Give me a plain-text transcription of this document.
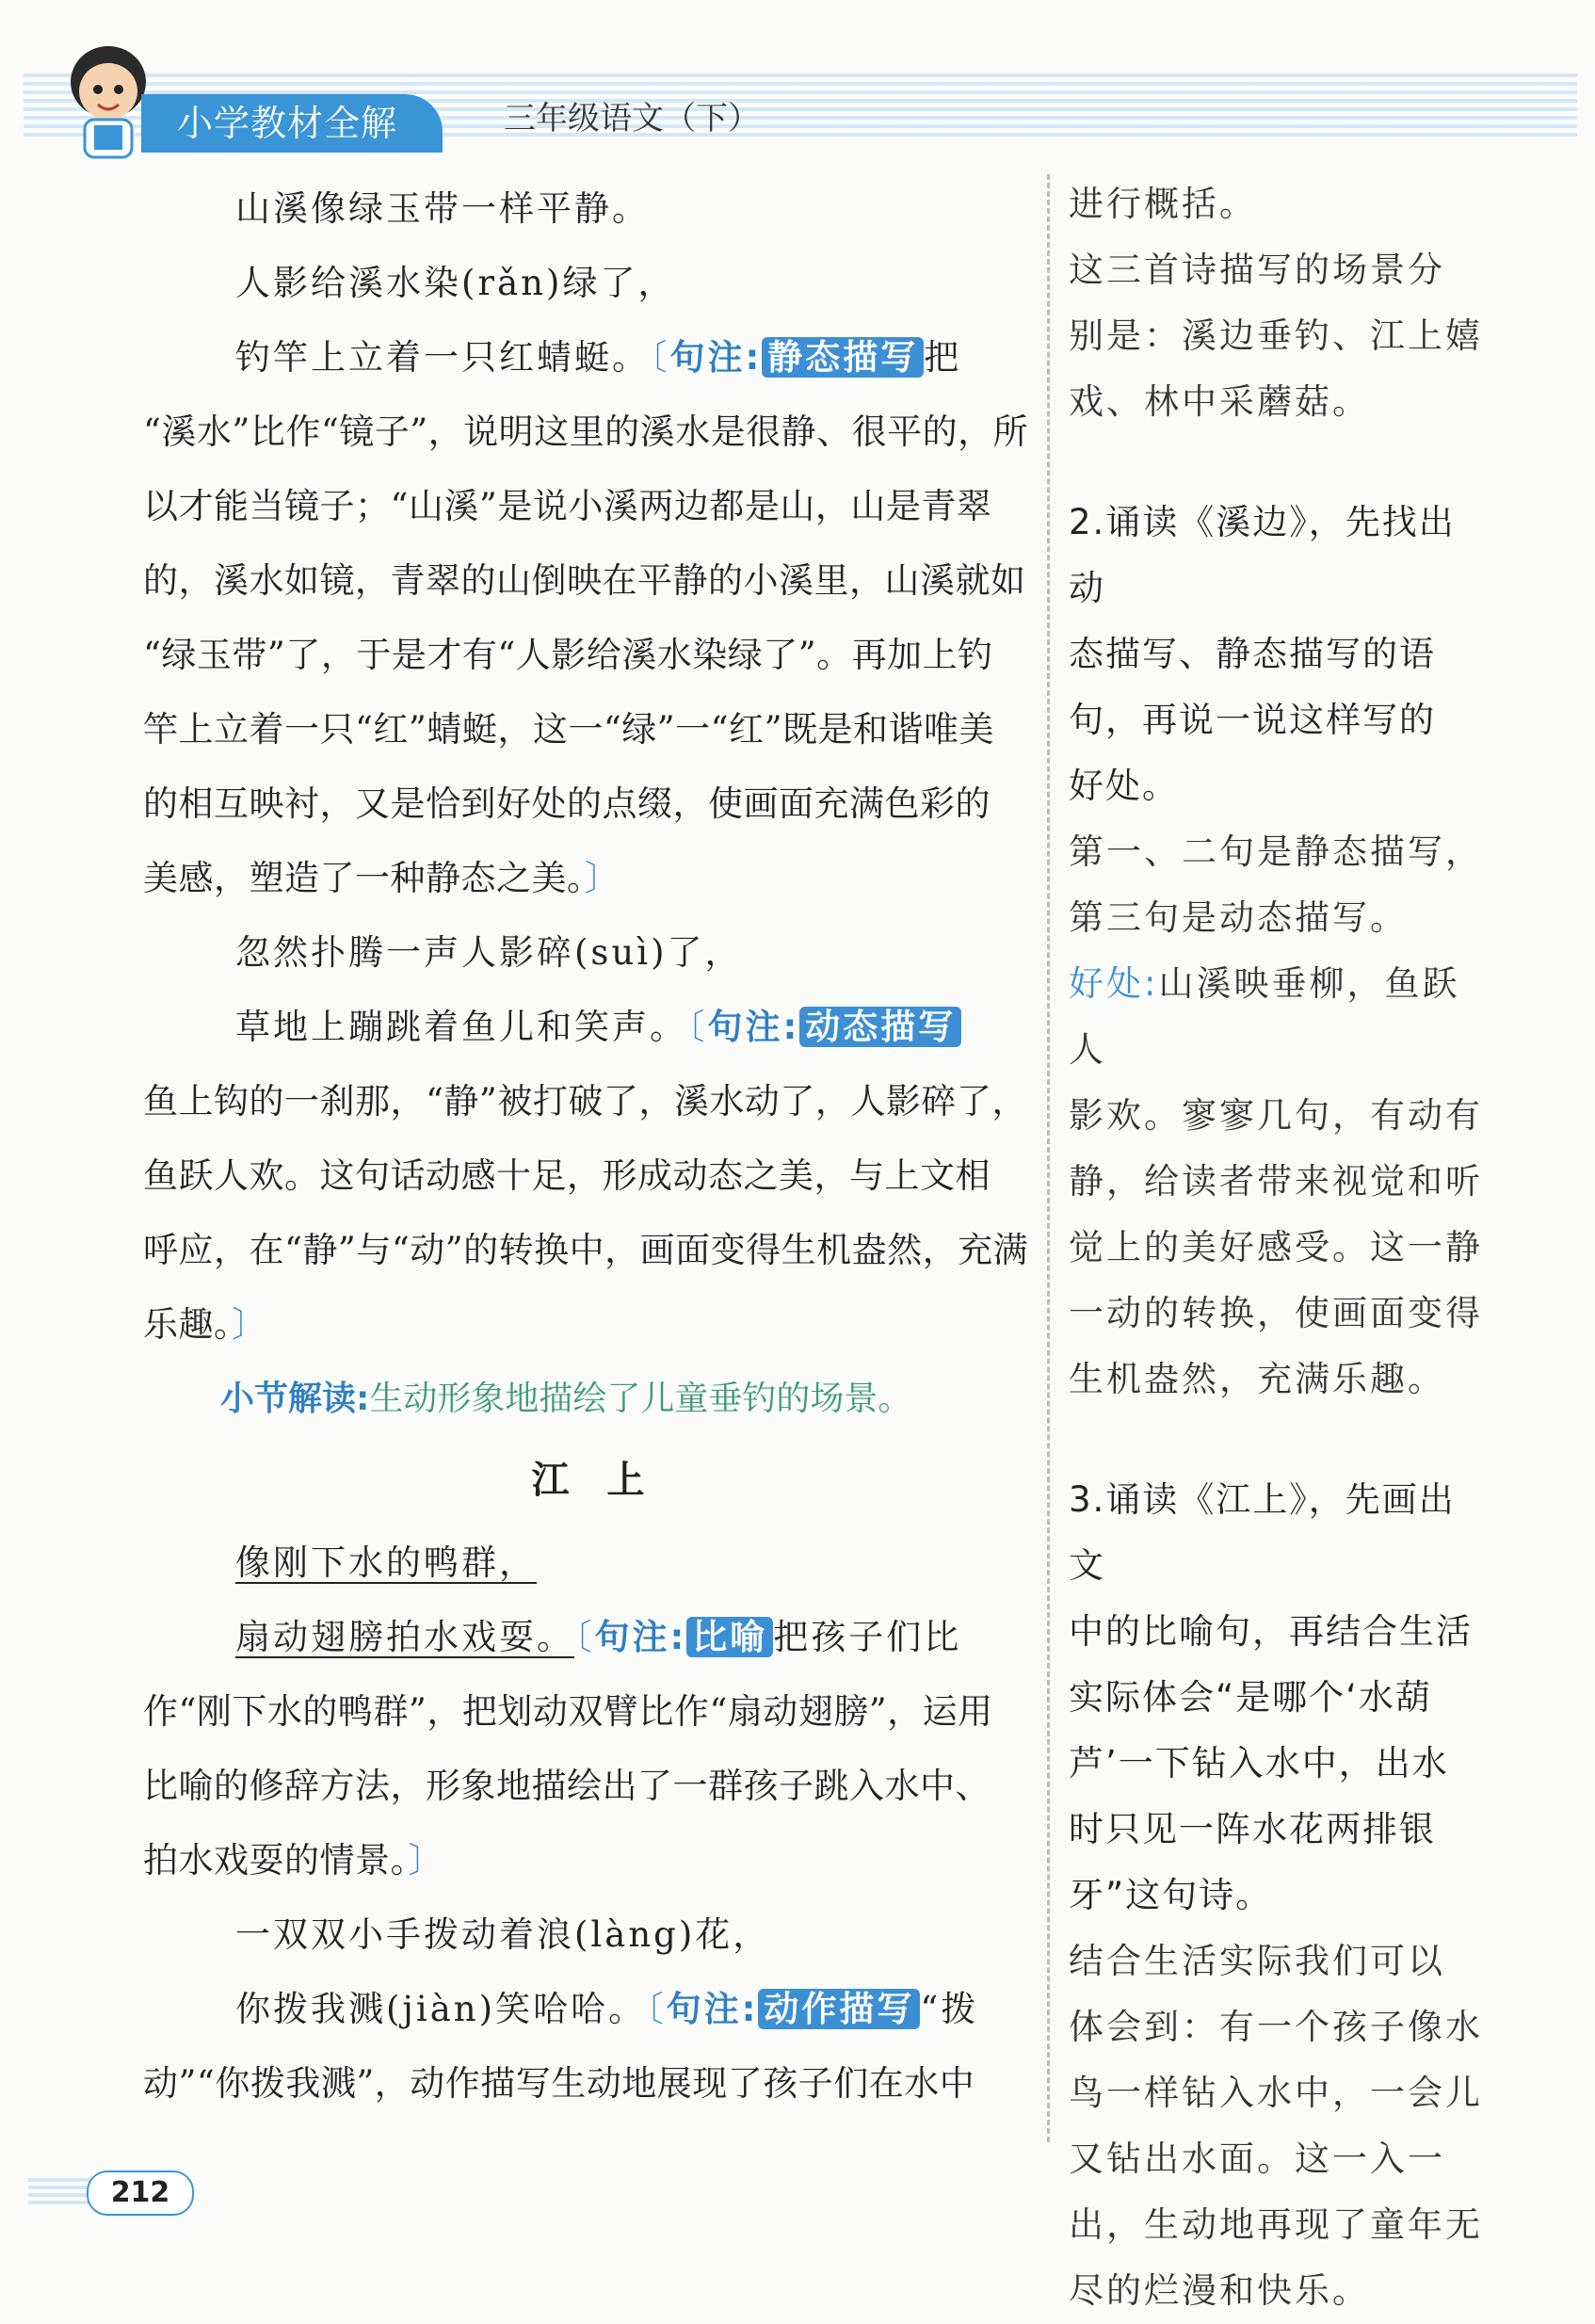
小学教材全解	三年级语文（下）

山溪像绿玉带一样平静。

人影给溪水染(rǎn)绿了，

钓竿上立着一只红蜻蜓。〔句注: 静态描写 把

“溪水”比作“镜子”，说明这里的溪水是很静、很平的，所

以才能当镜子；“山溪”是说小溪两边都是山，山是青翠

的，溪水如镜，青翠的山倒映在平静的小溪里，山溪就如

“绿玉带”了，于是才有“人影给溪水染绿了”。再加上钓

竿上立着一只“红”蜻蜓，这一“绿”一“红”既是和谐唯美

的相互映衬，又是恰到好处的点缀，使画面充满色彩的

美感，塑造了一种静态之美。〕

忽然扑腾一声人影碎(suì)了，

草地上蹦跳着鱼儿和笑声。〔句注: 动态描写

鱼上钩的一刹那，“静”被打破了，溪水动了，人影碎了，

鱼跃人欢。这句话动感十足，形成动态之美，与上文相

呼应，在“静”与“动”的转换中，画面变得生机盎然，充满

乐趣。〕

小节解读:生动形象地描绘了儿童垂钓的场景。

江上

像刚下水的鸭群，

扇动翅膀拍水戏耍。〔句注: 比喻 把孩子们比

作“刚下水的鸭群”，把划动双臂比作“扇动翅膀”，运用

比喻的修辞方法，形象地描绘出了一群孩子跳入水中、

拍水戏耍的情景。〕

一双双小手拨动着浪(làng)花，

你拨我溅(jiàn)笑哈哈。〔句注: 动作描写 “拨

动”“你拨我溅”，动作描写生动地展现了孩子们在水中

进行概括。

这三首诗描写的场景分

别是：溪边垂钓、江上嬉

戏、林中采蘑菇。

2.诵读《溪边》，先找出动

态描写、静态描写的语

句，再说一说这样写的

好处。

第一、二句是静态描写，

第三句是动态描写。

好处:山溪映垂柳，鱼跃人

影欢。寥寥几句，有动有

静，给读者带来视觉和听

觉上的美好感受。这一静

一动的转换，使画面变得

生机盎然，充满乐趣。

3.诵读《江上》，先画出文

中的比喻句，再结合生活

实际体会“是哪个‘水葫

芦’一下钻入水中，出水

时只见一阵水花两排银

牙”这句诗。

结合生活实际我们可以

体会到：有一个孩子像水

鸟一样钻入水中，一会儿

又钻出水面。这一入一

出，生动地再现了童年无

尽的烂漫和快乐。

212
